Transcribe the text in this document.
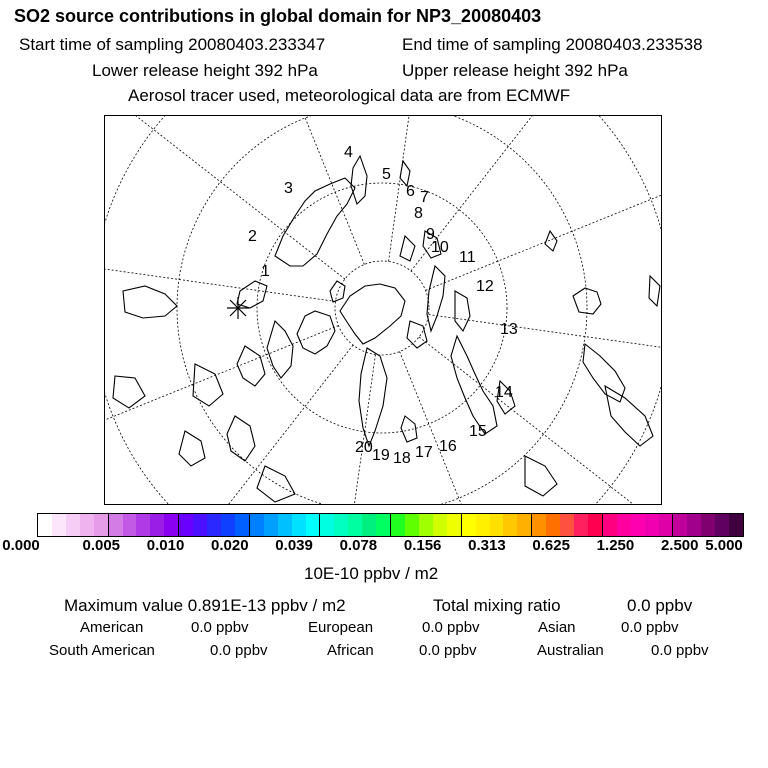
SO2 source contributions in global domain for NP3_20080403
Start time of sampling 20080403.233347	End time of sampling 20080403.233538
Lower release height 392 hPa	Upper release height 392 hPa
Aerosol tracer used, meteorological data are from ECMWF
1
2
3
4
5
6 7
8
9
10
11
12
13
14
15
16
17
18
19
20
0.000	0.005 0.010 0.020 0.039 0.078 0.156 0.313 0.625 1.250 2.500 5.000
10E-10 ppbv / m2
Maximum value 0.891E-13 ppbv / m2	Total mixing ratio	0.0 ppbv
American	0.0 ppbv	European	0.0 ppbv	Asian	0.0 ppbv
South American	0.0 ppbv	African	0.0 ppbv	Australian	0.0 ppbv
